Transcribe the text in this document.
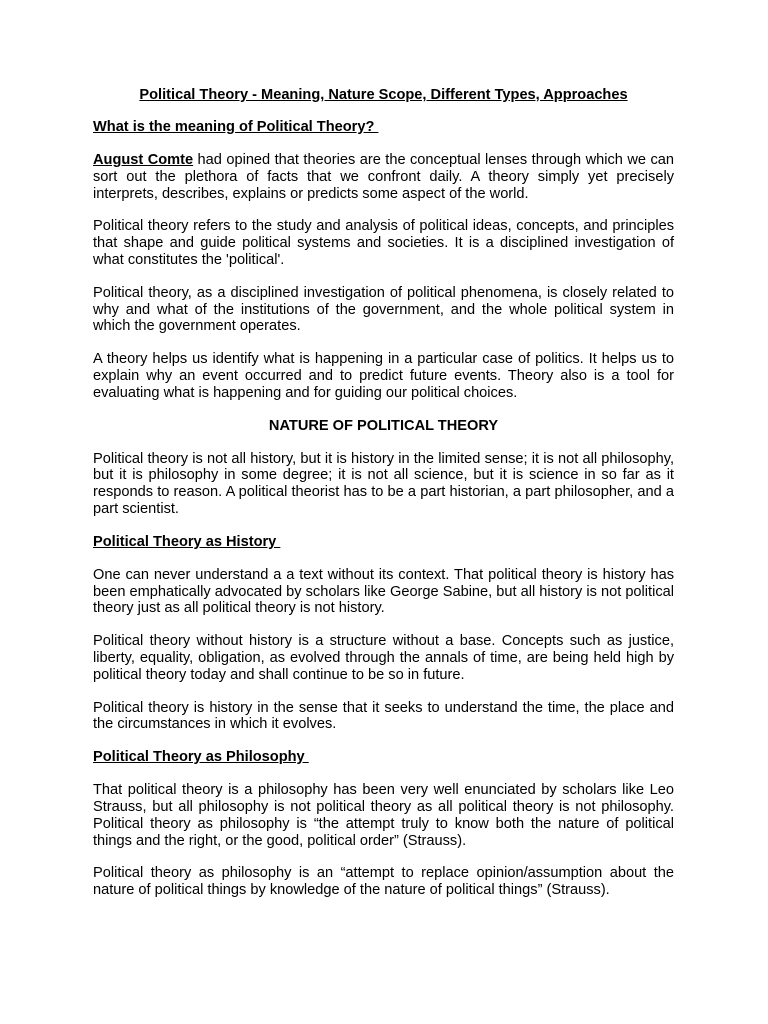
Political Theory - Meaning, Nature Scope, Different Types, Approaches
What is the meaning of Political Theory?

August Comte had opined that theories are the conceptual lenses through which we can sort out the plethora of facts that we confront daily. A theory simply yet precisely interprets, describes, explains or predicts some aspect of the world.

Political theory refers to the study and analysis of political ideas, concepts, and principles that shape and guide political systems and societies. It is a disciplined investigation of what constitutes the 'political'.

Political theory, as a disciplined investigation of political phenomena, is closely related to why and what of the institutions of the government, and the whole political system in which the government operates.

A theory helps us identify what is happening in a particular case of politics. It helps us to explain why an event occurred and to predict future events. Theory also is a tool for evaluating what is happening and for guiding our political choices.

NATURE OF POLITICAL THEORY

Political theory is not all history, but it is history in the limited sense; it is not all philosophy, but it is philosophy in some degree; it is not all science, but it is science in so far as it responds to reason. A political theorist has to be a part historian, a part philosopher, and a part scientist.

Political Theory as History

One can never understand a a text without its context. That political theory is history has been emphatically advocated by scholars like George Sabine, but all history is not political theory just as all political theory is not history.

Political theory without history is a structure without a base. Concepts such as justice, liberty, equality, obligation, as evolved through the annals of time, are being held high by political theory today and shall continue to be so in future.

Political theory is history in the sense that it seeks to understand the time, the place and the circumstances in which it evolves.

Political Theory as Philosophy

That political theory is a philosophy has been very well enunciated by scholars like Leo Strauss, but all philosophy is not political theory as all political theory is not philosophy. Political theory as philosophy is “the attempt truly to know both the nature of political things and the right, or the good, political order” (Strauss).

Political theory as philosophy is an “attempt to replace opinion/assumption about the nature of political things by knowledge of the nature of political things” (Strauss).
